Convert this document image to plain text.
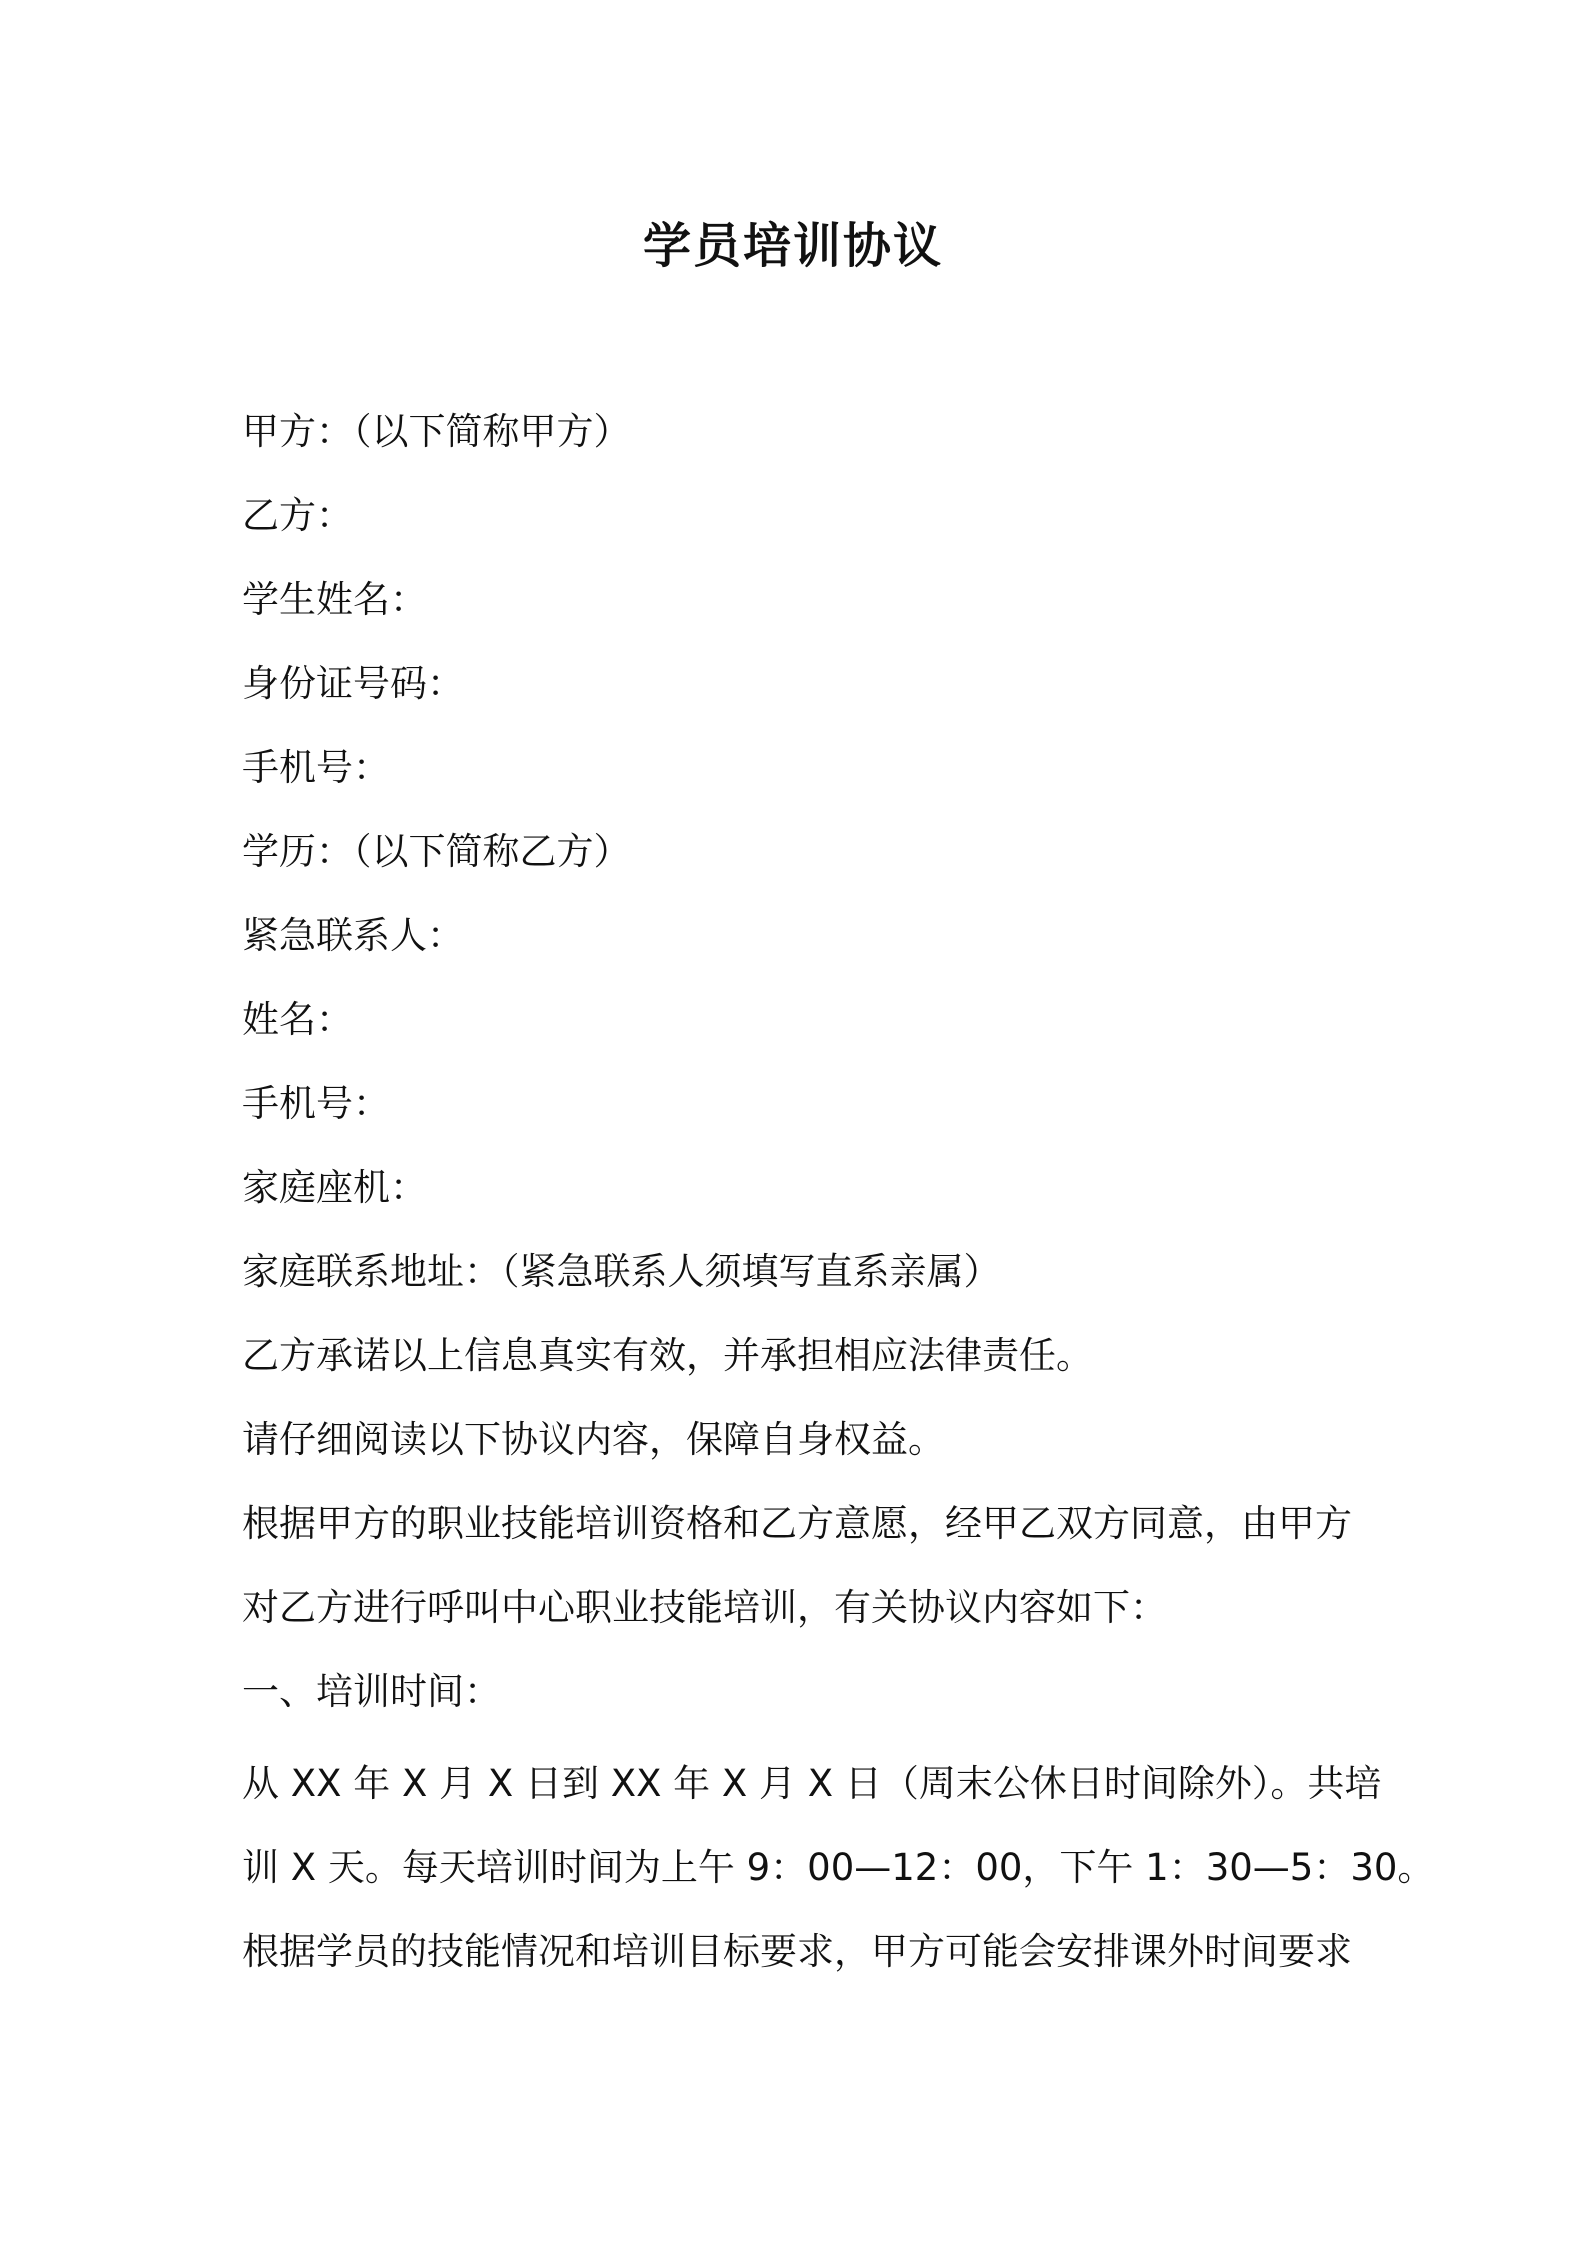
学员培训协议
甲方：（以下简称甲方）
乙方：
学生姓名：
身份证号码：
手机号：
学历：（以下简称乙方）
紧急联系人：
姓名：
手机号：
家庭座机：
家庭联系地址：（紧急联系人须填写直系亲属）
乙方承诺以上信息真实有效，并承担相应法律责任。
请仔细阅读以下协议内容，保障自身权益。
根据甲方的职业技能培训资格和乙方意愿，经甲乙双方同意，由甲方
对乙方进行呼叫中心职业技能培训，有关协议内容如下：
一、培训时间：
从 XX 年 X 月 X 日到 XX 年 X 月 X 日（周末公休日时间除外）。共培
训 X 天。每天培训时间为上午 9：00—12：00，下午 1：30—5：30。
根据学员的技能情况和培训目标要求，甲方可能会安排课外时间要求
